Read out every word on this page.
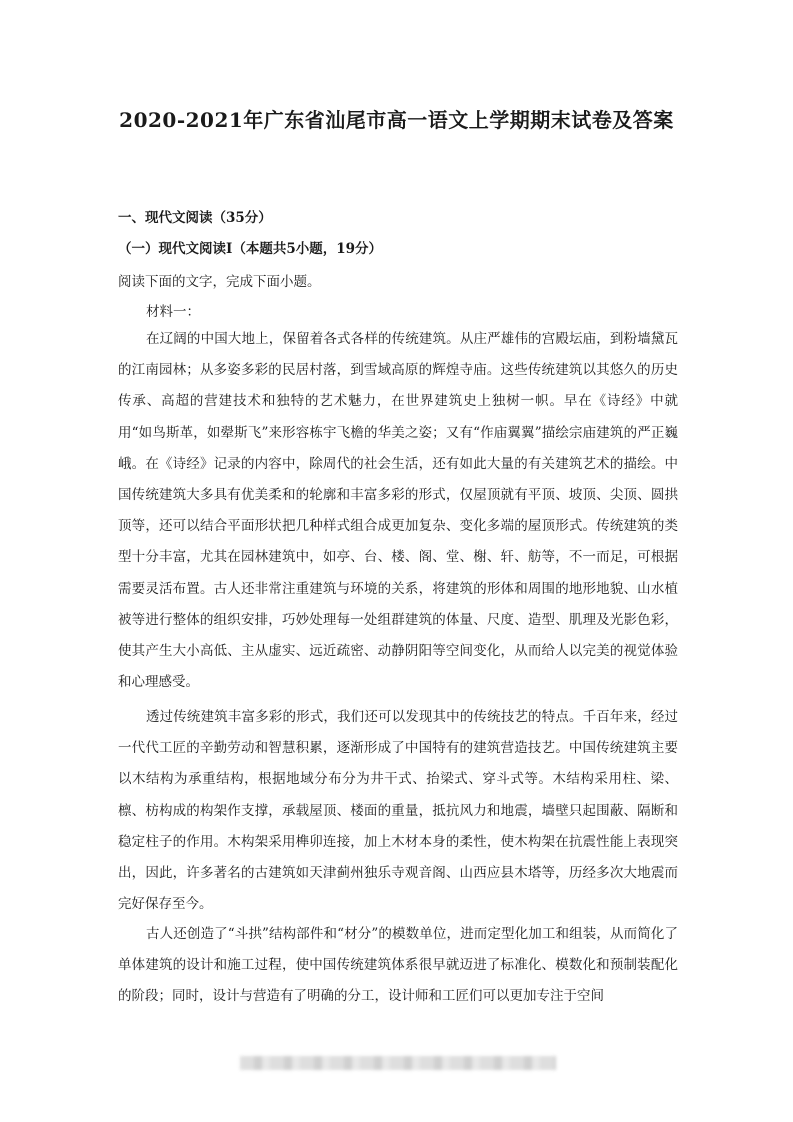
2020-2021年广东省汕尾市高一语文上学期期末试卷及答案
一、现代文阅读（35分）
（一）现代文阅读Ⅰ（本题共5小题，19分）
阅读下面的文字，完成下面小题。
材料一：

在辽阔的中国大地上，保留着各式各样的传统建筑。从庄严雄伟的宫殿坛庙，到粉墙黛瓦的江南园林；从多姿多彩的民居村落，到雪域高原的辉煌寺庙。这些传统建筑以其悠久的历史传承、高超的营建技术和独特的艺术魅力，在世界建筑史上独树一帜。早在《诗经》中就用“如鸟斯革，如翚斯飞”来形容栋宇飞檐的华美之姿；又有“作庙翼翼”描绘宗庙建筑的严正巍峨。在《诗经》记录的内容中，除周代的社会生活，还有如此大量的有关建筑艺术的描绘。中国传统建筑大多具有优美柔和的轮廓和丰富多彩的形式，仅屋顶就有平顶、坡顶、尖顶、圆拱顶等，还可以结合平面形状把几种样式组合成更加复杂、变化多端的屋顶形式。传统建筑的类型十分丰富，尤其在园林建筑中，如亭、台、楼、阁、堂、榭、轩、舫等，不一而足，可根据需要灵活布置。古人还非常注重建筑与环境的关系，将建筑的形体和周围的地形地貌、山水植被等进行整体的组织安排，巧妙处理每一处组群建筑的体量、尺度、造型、肌理及光影色彩，使其产生大小高低、主从虚实、远近疏密、动静阴阳等空间变化，从而给人以完美的视觉体验和心理感受。

透过传统建筑丰富多彩的形式，我们还可以发现其中的传统技艺的特点。千百年来，经过一代代工匠的辛勤劳动和智慧积累，逐渐形成了中国特有的建筑营造技艺。中国传统建筑主要以木结构为承重结构，根据地域分布分为井干式、抬梁式、穿斗式等。木结构采用柱、梁、檩、枋构成的构架作支撑，承载屋顶、楼面的重量，抵抗风力和地震，墙壁只起围蔽、隔断和稳定柱子的作用。木构架采用榫卯连接，加上木材本身的柔性，使木构架在抗震性能上表现突出，因此，许多著名的古建筑如天津蓟州独乐寺观音阁、山西应县木塔等，历经多次大地震而完好保存至今。

古人还创造了“斗拱”结构部件和“材分”的模数单位，进而定型化加工和组装，从而简化了单体建筑的设计和施工过程，使中国传统建筑体系很早就迈进了标准化、模数化和预制装配化的阶段；同时，设计与营造有了明确的分工，设计师和工匠们可以更加专注于空间
